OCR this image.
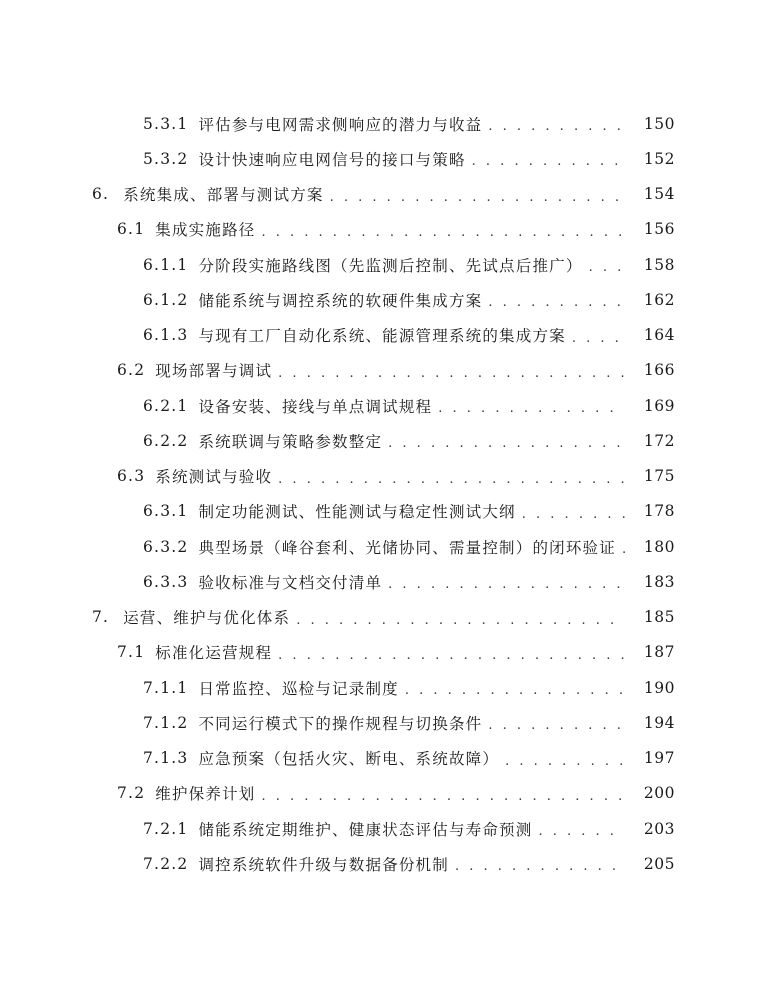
5.3.1 评估参与电网需求侧响应的潜力与收益 . . .	150
5.3.2 设计快速响应电网信号的接口与策略 . . .	152
6. 系统集成、部署与测试方案 . . .	154
6.1 集成实施路径 . . .	156
6.1.1 分阶段实施路线图（先监测后控制、先试点后推广） . . .	158
6.1.2 储能系统与调控系统的软硬件集成方案 . . .	162
6.1.3 与现有工厂自动化系统、能源管理系统的集成方案 . . .	164
6.2 现场部署与调试 . . .	166
6.2.1 设备安装、接线与单点调试规程 . . .	169
6.2.2 系统联调与策略参数整定 . . .	172
6.3 系统测试与验收 . . .	175
6.3.1 制定功能测试、性能测试与稳定性测试大纲 . . .	178
6.3.2 典型场景（峰谷套利、光储协同、需量控制）的闭环验证 . . .	180
6.3.3 验收标准与文档交付清单 . . .	183
7. 运营、维护与优化体系 . . .	185
7.1 标准化运营规程 . . .	187
7.1.1 日常监控、巡检与记录制度 . . .	190
7.1.2 不同运行模式下的操作规程与切换条件 . . .	194
7.1.3 应急预案（包括火灾、断电、系统故障） . . .	197
7.2 维护保养计划 . . .	200
7.2.1 储能系统定期维护、健康状态评估与寿命预测 . . .	203
7.2.2 调控系统软件升级与数据备份机制 . . .	205
